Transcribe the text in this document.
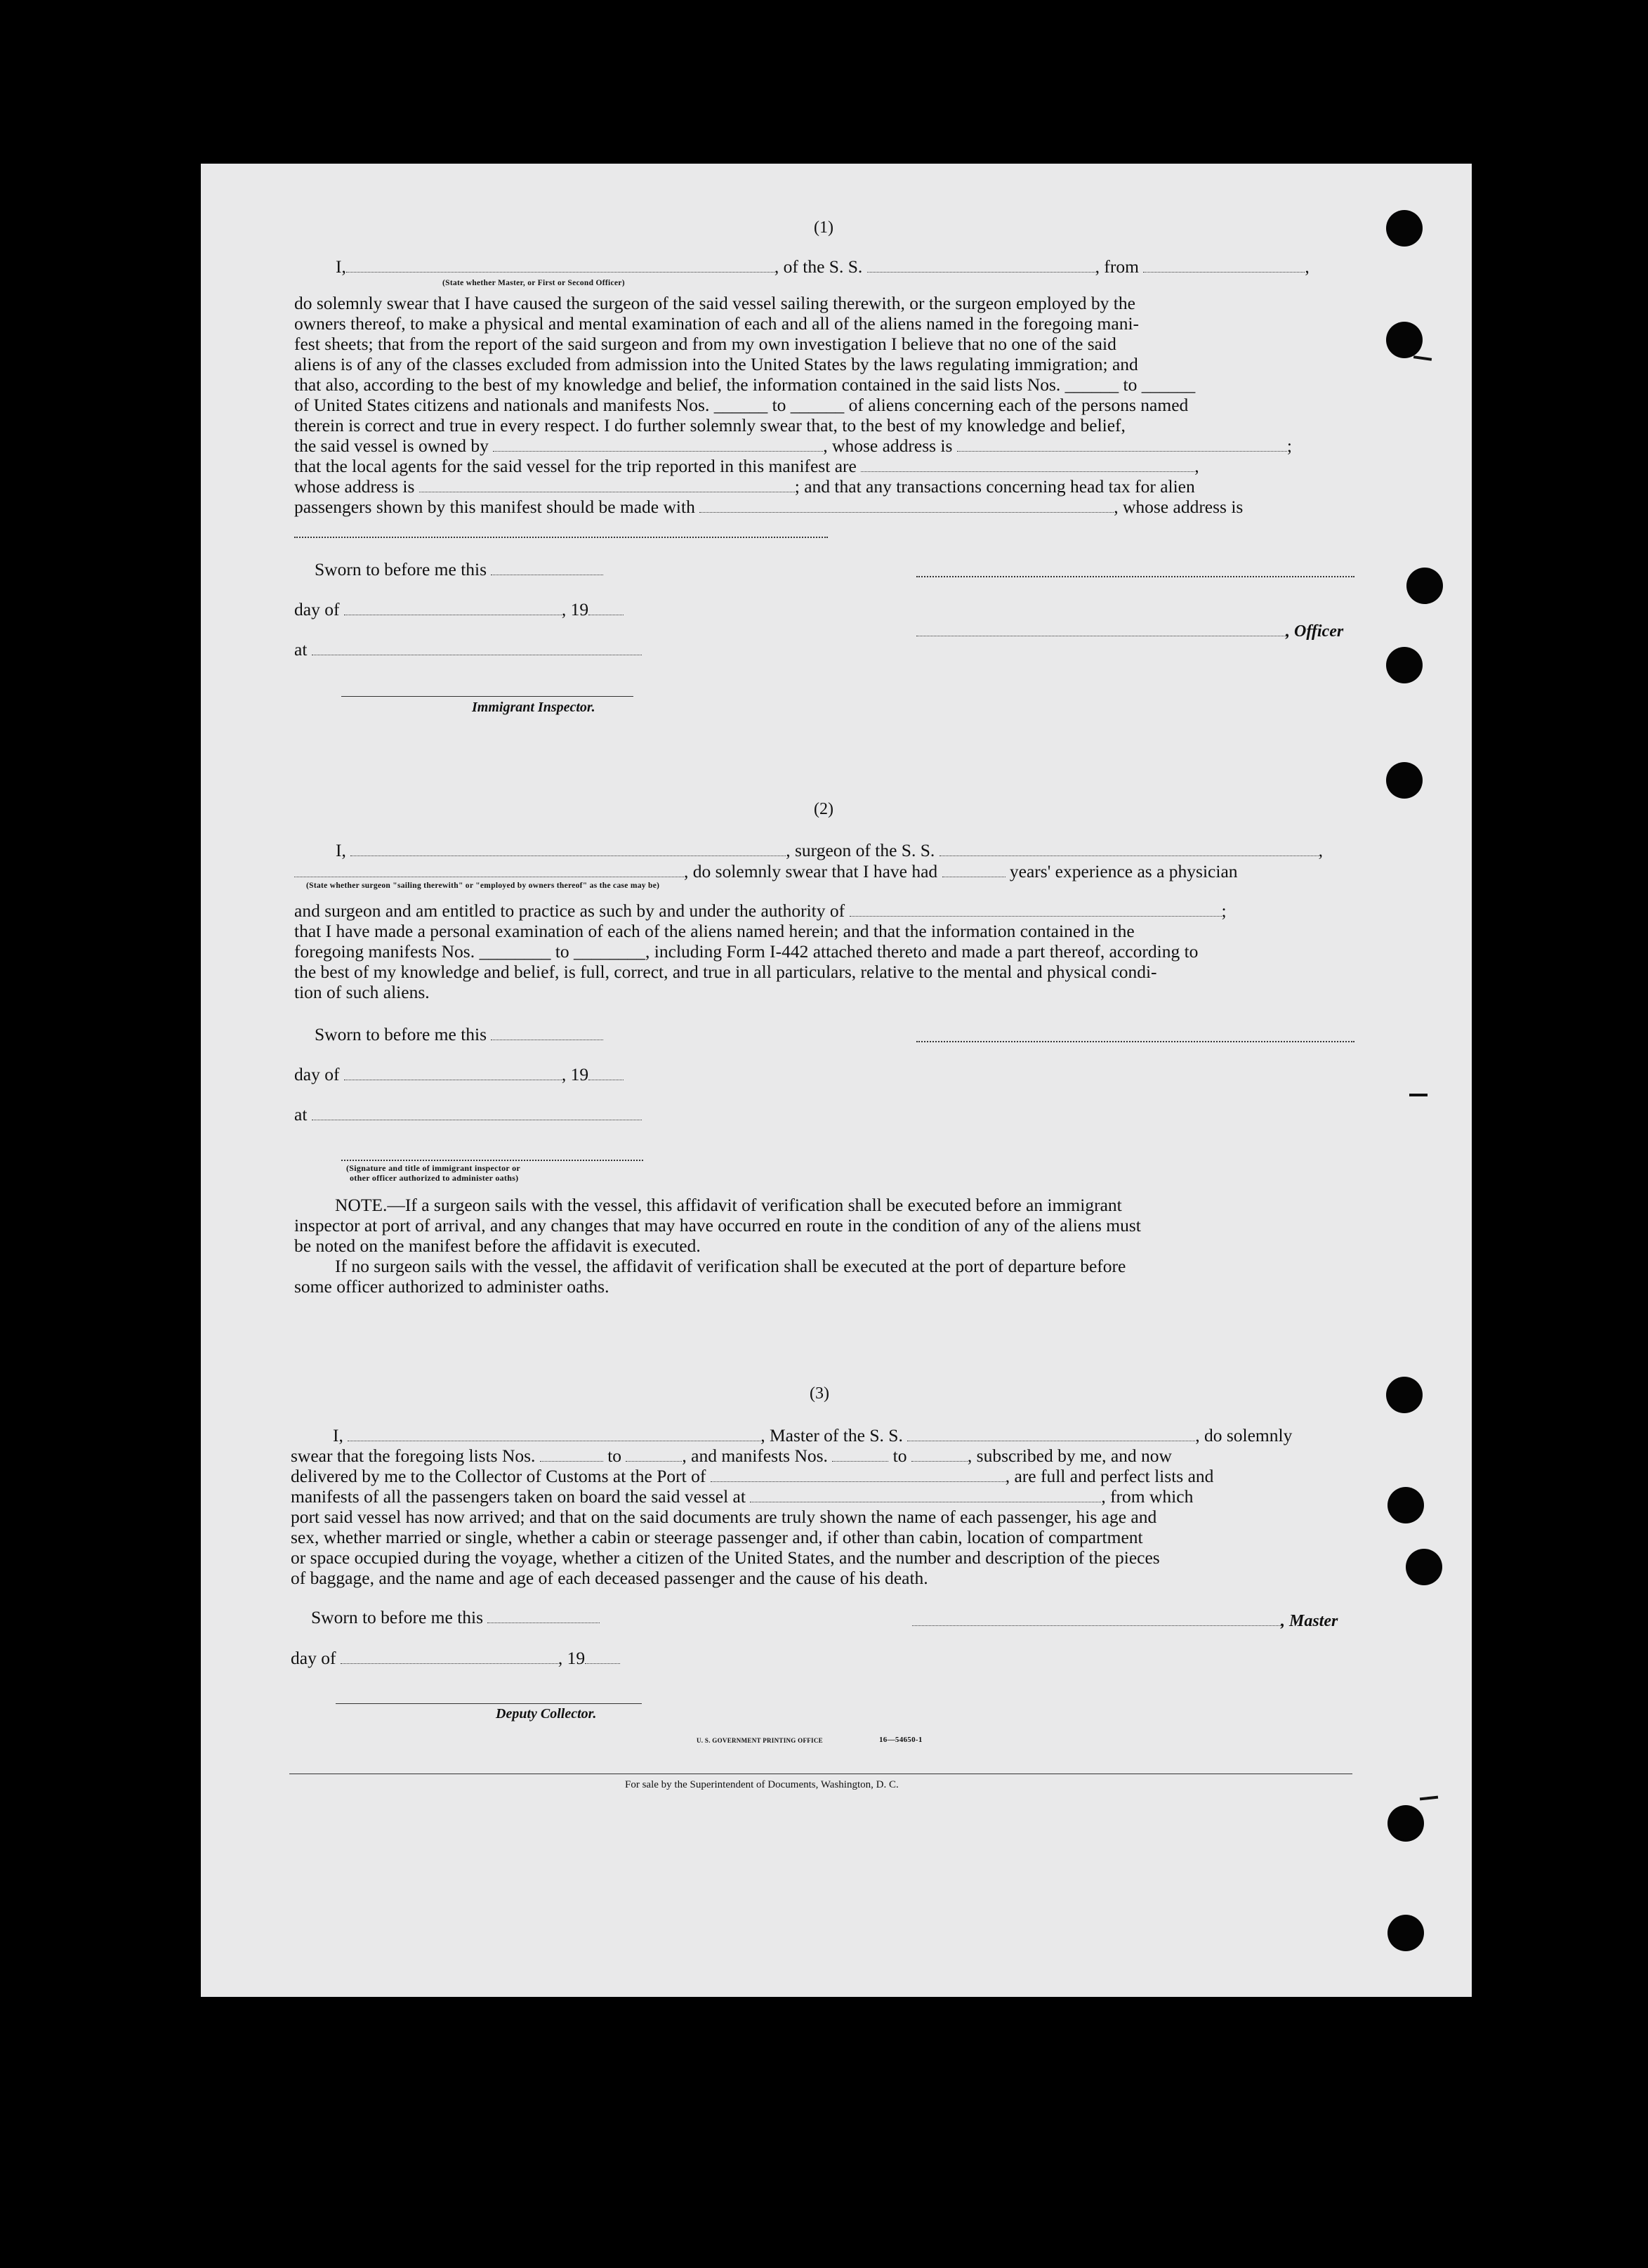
(1)
I,	, of the S. S.	, from	,
(State whether Master, or First or Second Officer)
do solemnly swear that I have caused the surgeon of the said vessel sailing therewith, or the surgeon employed by the
owners thereof, to make a physical and mental examination of each and all of the aliens named in the foregoing mani-
fest sheets; that from the report of the said surgeon and from my own investigation I believe that no one of the said
aliens is of any of the classes excluded from admission into the United States by the laws regulating immigration; and
that also, according to the best of my knowledge and belief, the information contained in the said lists Nos. ______ to ______
of United States citizens and nationals and manifests Nos. ______ to ______ of aliens concerning each of the persons named
therein is correct and true in every respect. I do further solemnly swear that, to the best of my knowledge and belief,
the said vessel is owned by	, whose address is	;
that the local agents for the said vessel for the trip reported in this manifest are	,
whose address is	; and that any transactions concerning head tax for alien
passengers shown by this manifest should be made with	, whose address is
Sworn to before me this
day of	, 19
, Officer
at
Immigrant Inspector.
(2)
I,	, surgeon of the S. S.	,
, do solemnly swear that I have had	years' experience as a physician
(State whether surgeon "sailing therewith" or "employed by owners thereof" as the case may be)
and surgeon and am entitled to practice as such by and under the authority of	;
that I have made a personal examination of each of the aliens named herein; and that the information contained in the
foregoing manifests Nos. ________ to ________, including Form I-442 attached thereto and made a part thereof, according to
the best of my knowledge and belief, is full, correct, and true in all particulars, relative to the mental and physical condi-
tion of such aliens.
Sworn to before me this
day of	, 19
at
(Signature and title of immigrant inspector or
other officer authorized to administer oaths)
NOTE.—If a surgeon sails with the vessel, this affidavit of verification shall be executed before an immigrant
inspector at port of arrival, and any changes that may have occurred en route in the condition of any of the aliens must
be noted on the manifest before the affidavit is executed.
If no surgeon sails with the vessel, the affidavit of verification shall be executed at the port of departure before
some officer authorized to administer oaths.
(3)
I,	, Master of the S. S.	, do solemnly
swear that the foregoing lists Nos.	to	, and manifests Nos.	to	, subscribed by me, and now
delivered by me to the Collector of Customs at the Port of	, are full and perfect lists and
manifests of all the passengers taken on board the said vessel at	, from which
port said vessel has now arrived; and that on the said documents are truly shown the name of each passenger, his age and
sex, whether married or single, whether a cabin or steerage passenger and, if other than cabin, location of compartment
or space occupied during the voyage, whether a citizen of the United States, and the number and description of the pieces
of baggage, and the name and age of each deceased passenger and the cause of his death.
Sworn to before me this	, Master
day of	, 19
Deputy Collector.
U. S. GOVERNMENT PRINTING OFFICE	16—54650-1
For sale by the Superintendent of Documents, Washington, D. C.
